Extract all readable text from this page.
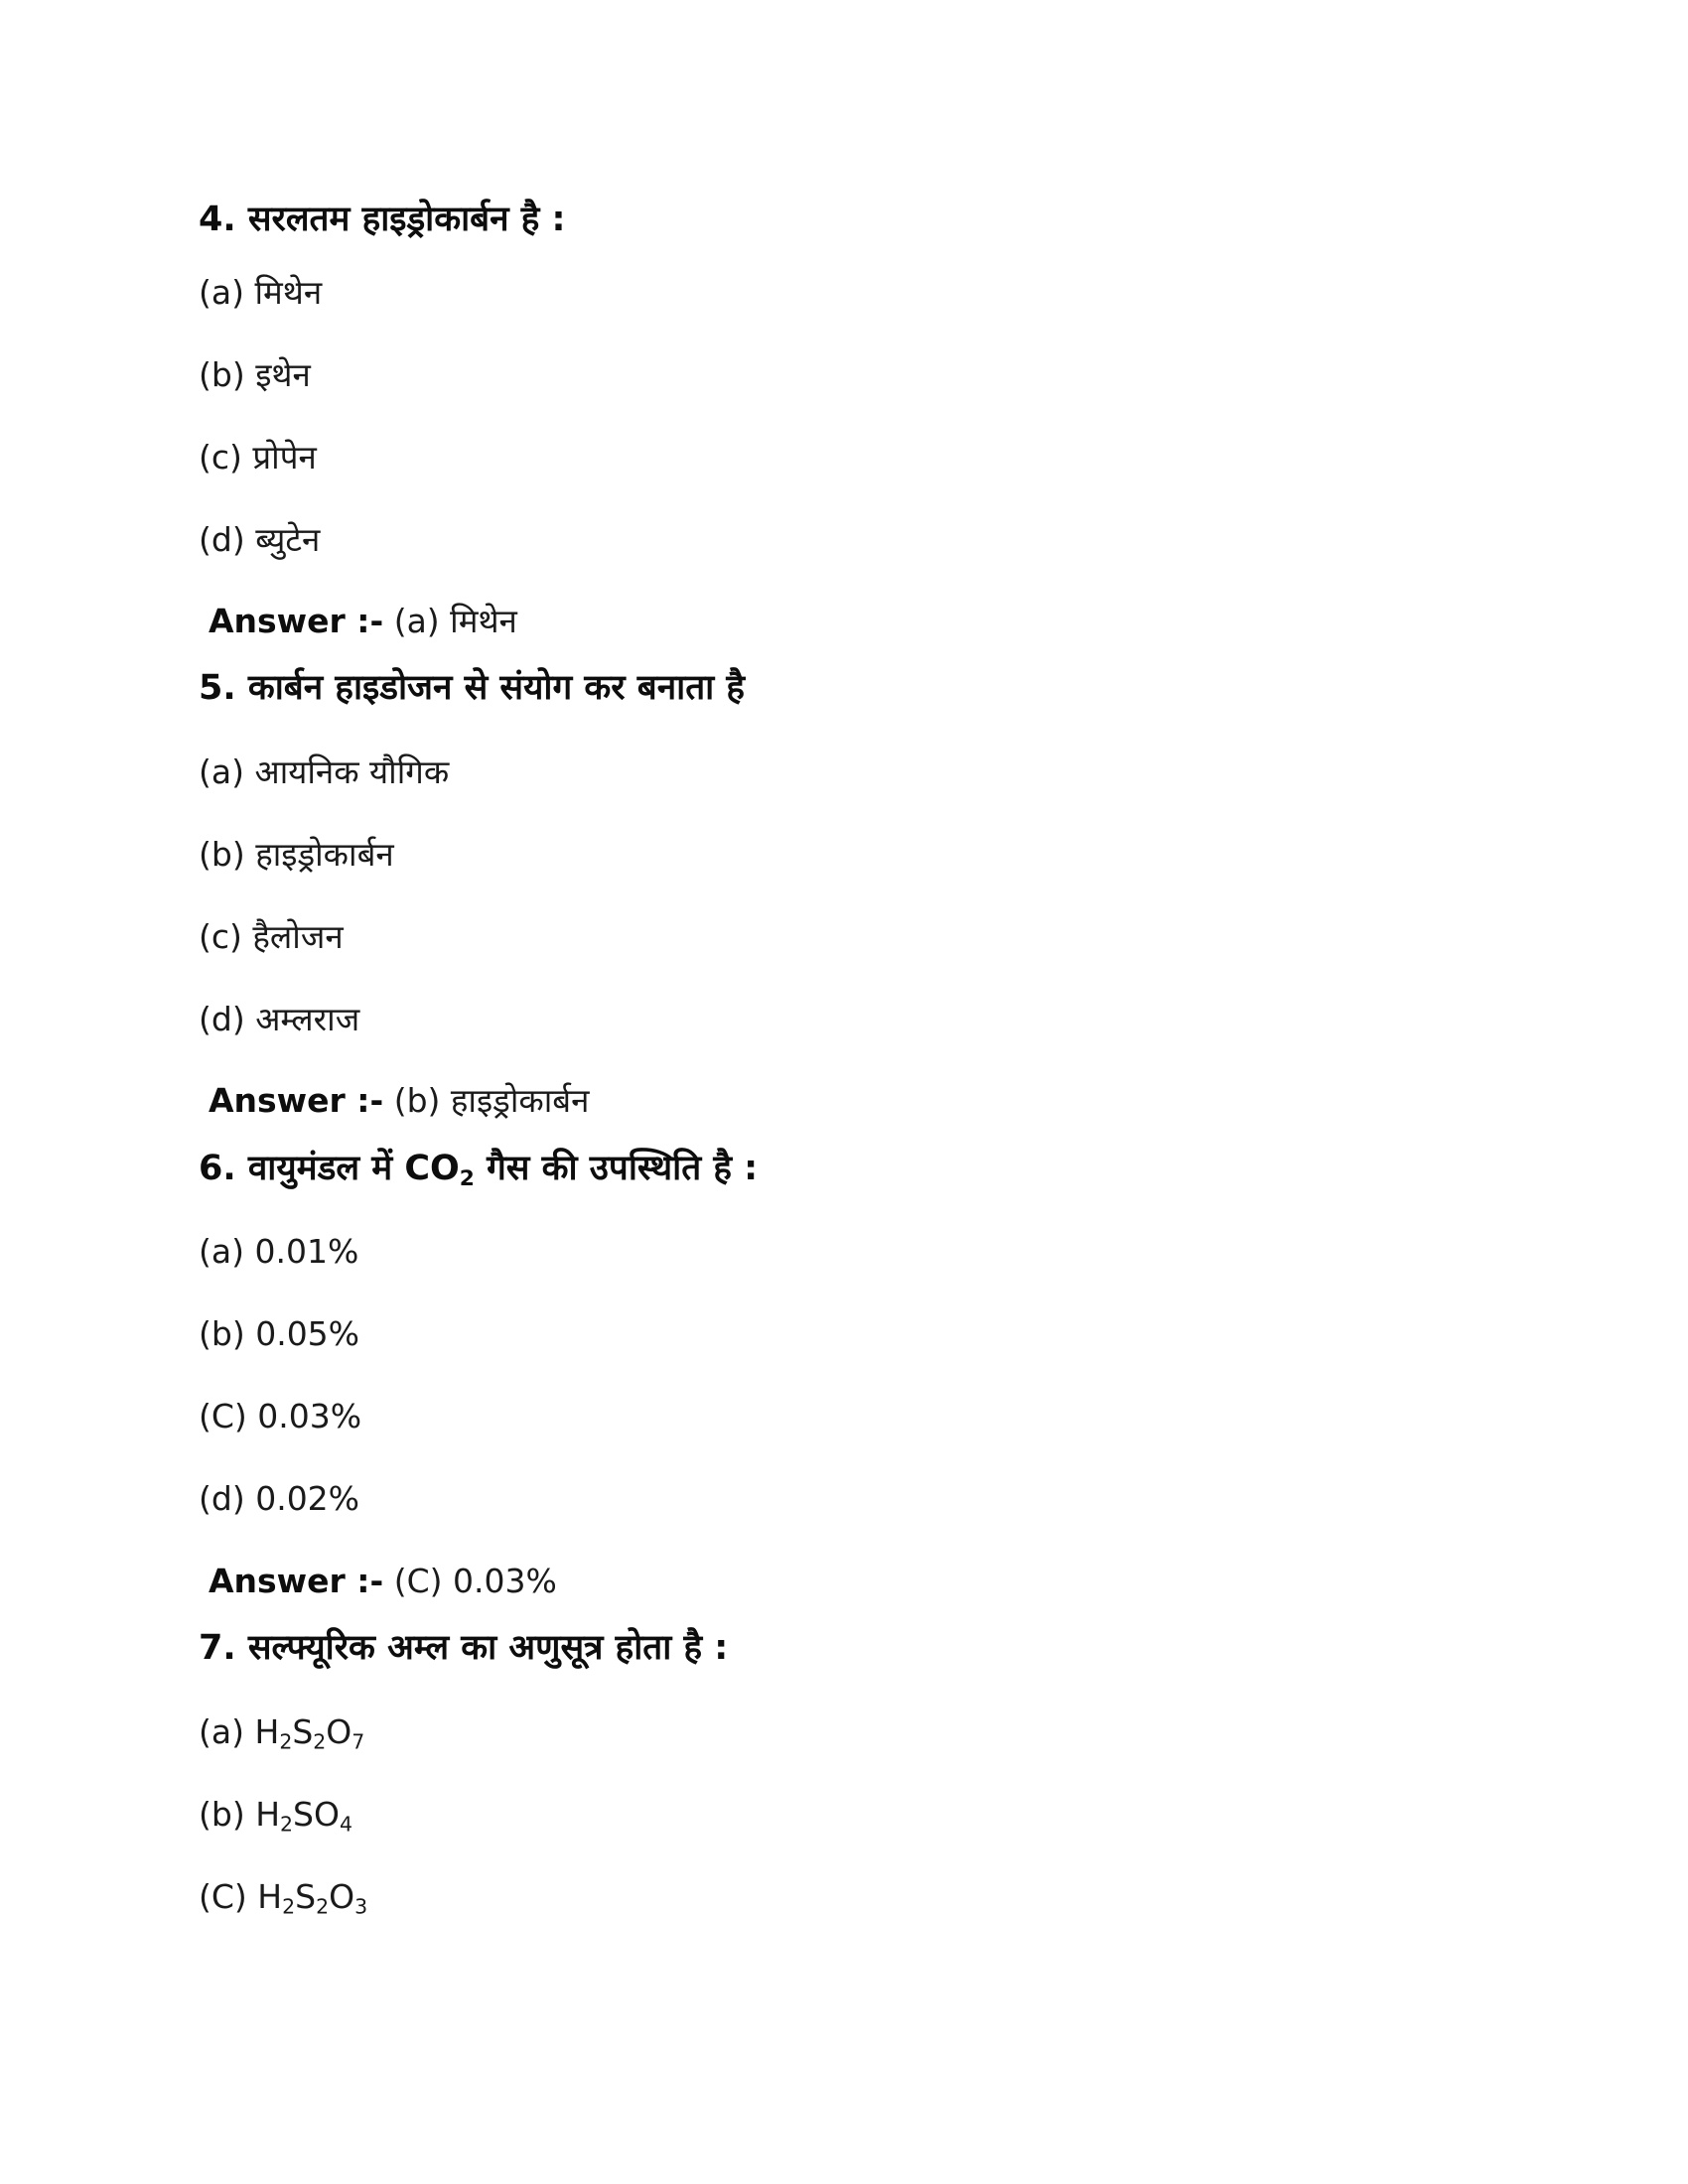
4. सरलतम हाइड्रोकार्बन है :
(a) मिथेन
(b) इथेन
(c) प्रोपेन
(d) ब्युटेन
Answer :- (a) मिथेन
5. कार्बन हाइडोजन से संयोग कर बनाता है
(a) आयनिक यौगिक
(b) हाइड्रोकार्बन
(c) हैलोजन
(d) अम्लराज
Answer :- (b) हाइड्रोकार्बन
6. वायुमंडल में $CO_2$ गैस की उपस्थिति है :
(a) 0.01%
(b) 0.05%
(C) 0.03%
(d) 0.02%
Answer :- (C) 0.03%
7. सल्फ्यूरिक अम्ल का अणुसूत्र होता है :
(a) $H_2S_2O_7$
(b) $H_2SO_4$
(C) $H_2S_2O_3$
